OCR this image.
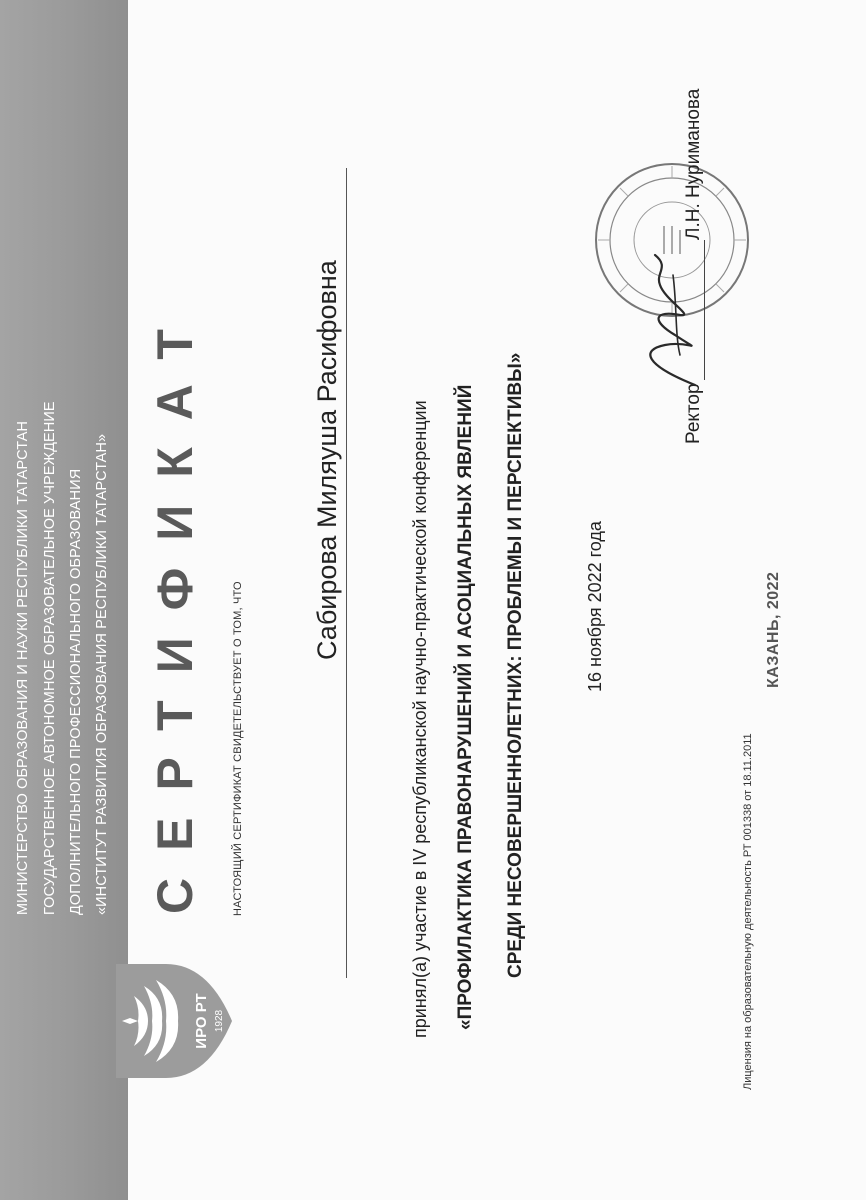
МИНИСТЕРСТВО ОБРАЗОВАНИЯ И НАУКИ РЕСПУБЛИКИ ТАТАРСТАН ГОСУДАРСТВЕННОЕ АВТОНОМНОЕ ОБРАЗОВАТЕЛЬНОЕ УЧРЕЖДЕНИЕ ДОПОЛНИТЕЛЬНОГО ПРОФЕССИОНАЛЬНОГО ОБРАЗОВАНИЯ «ИНСТИТУТ РАЗВИТИЯ ОБРАЗОВАНИЯ РЕСПУБЛИКИ ТАТАРСТАН»
ИРО РТ 1928
СЕРТИФИКАТ	НАСТОЯЩИЙ СЕРТИФИКАТ СВИДЕТЕЛЬСТВУЕТ О ТОМ, ЧТО
Сабирова Миляуша Расифовна	принял(а) участие в IV республиканской научно-практической конференции «ПРОФИЛАКТИКА ПРАВОНАРУШЕНИЙ И АСОЦИАЛЬНЫХ ЯВЛЕНИЙ СРЕДИ НЕСОВЕРШЕННОЛЕТНИХ: ПРОБЛЕМЫ И ПЕРСПЕКТИВЫ»	16 ноября 2022 года
Лицензия на образовательную деятельность РТ 001338 от 18.11.2011
КАЗАНЬ, 2022
Ректор
Л.Н. Нуриманова
